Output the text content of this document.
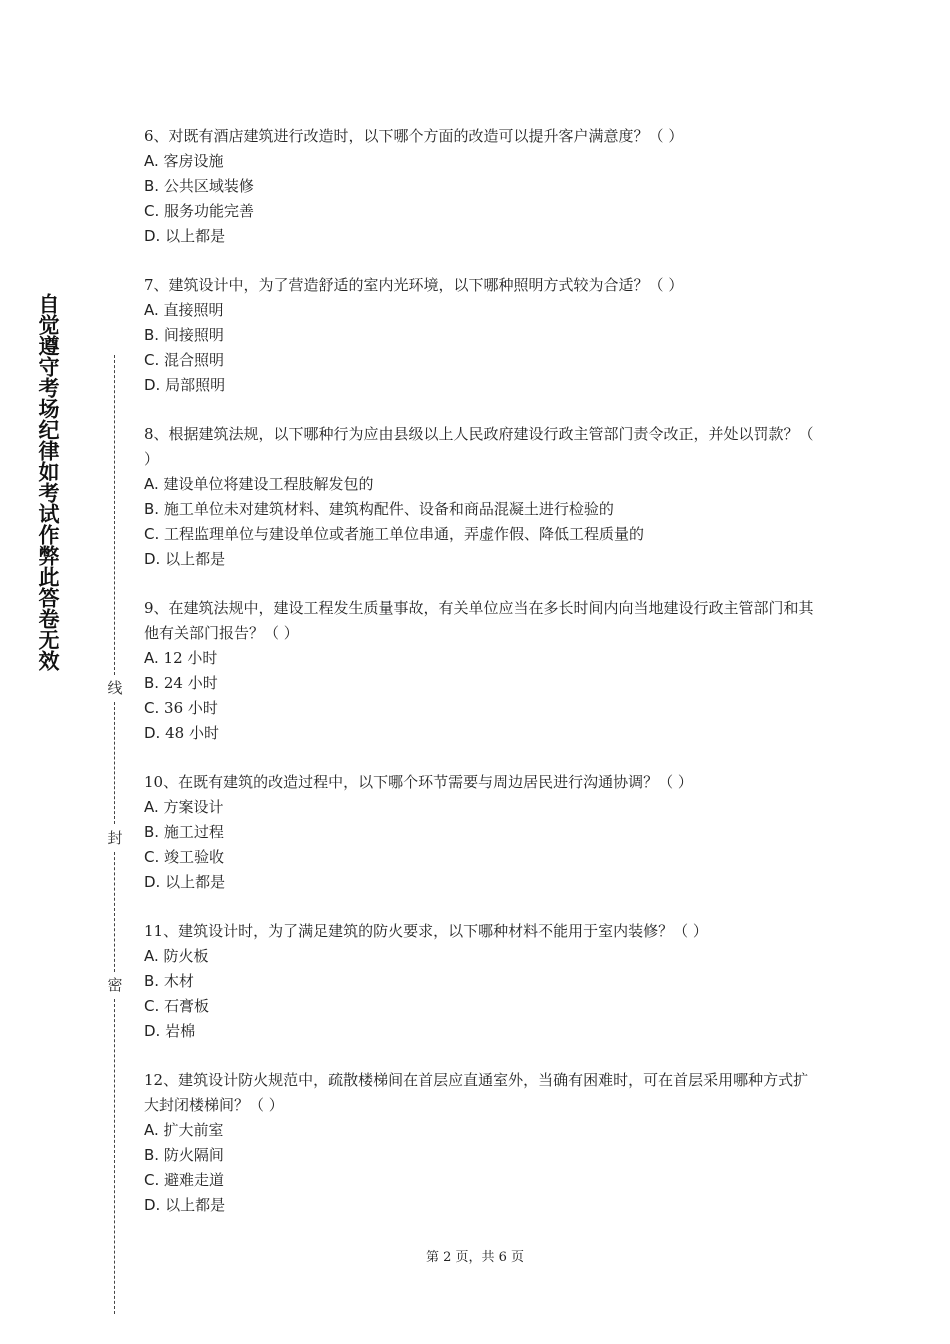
自觉遵守考场纪律如考试作弊此答卷无效
线
封
密

6、对既有酒店建筑进行改造时，以下哪个方面的改造可以提升客户满意度？（ ）

A. 客房设施

B. 公共区域装修

C. 服务功能完善

D. 以上都是

7、建筑设计中，为了营造舒适的室内光环境，以下哪种照明方式较为合适？（ ）

A. 直接照明

B. 间接照明

C. 混合照明

D. 局部照明

8、根据建筑法规，以下哪种行为应由县级以上人民政府建设行政主管部门责令改正，并处以罚款？（ ）

A. 建设单位将建设工程肢解发包的

B. 施工单位未对建筑材料、建筑构配件、设备和商品混凝土进行检验的

C. 工程监理单位与建设单位或者施工单位串通，弄虚作假、降低工程质量的

D. 以上都是

9、在建筑法规中，建设工程发生质量事故，有关单位应当在多长时间内向当地建设行政主管部门和其他有关部门报告？（ ）

A. 12 小时

B. 24 小时

C. 36 小时

D. 48 小时

10、在既有建筑的改造过程中，以下哪个环节需要与周边居民进行沟通协调？（ ）

A. 方案设计

B. 施工过程

C. 竣工验收

D. 以上都是

11、建筑设计时，为了满足建筑的防火要求，以下哪种材料不能用于室内装修？（ ）

A. 防火板

B. 木材

C. 石膏板

D. 岩棉

12、建筑设计防火规范中，疏散楼梯间在首层应直通室外，当确有困难时，可在首层采用哪种方式扩大封闭楼梯间？（ ）

A. 扩大前室

B. 防火隔间

C. 避难走道

D. 以上都是

第 2 页，共 6 页
